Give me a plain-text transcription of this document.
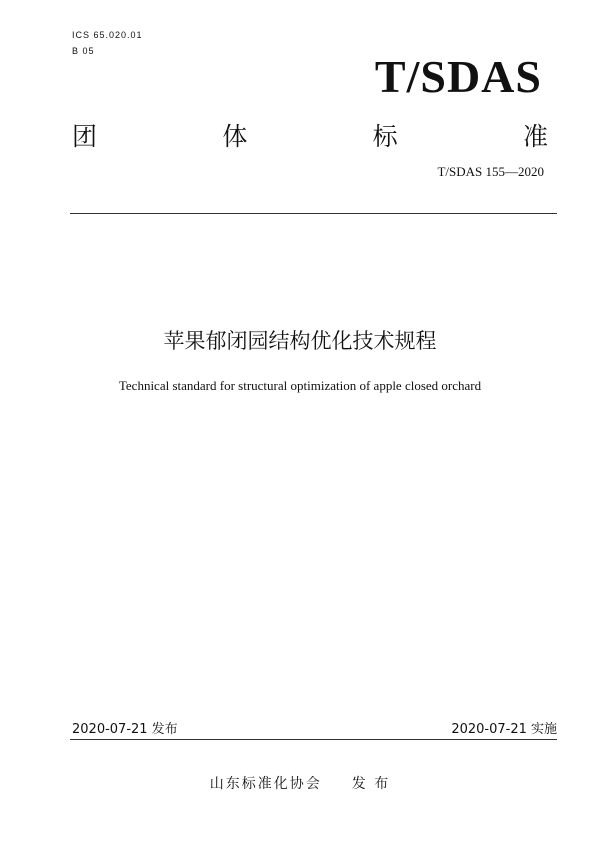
ICS 65.020.01
B 05	T/SDAS
团	体	标	准
T/SDAS 155—2020
苹果郁闭园结构优化技术规程
Technical standard for structural optimization of apple closed orchard
2020-07-21 发布	2020-07-21 实施
山东标准化协会 发 布
